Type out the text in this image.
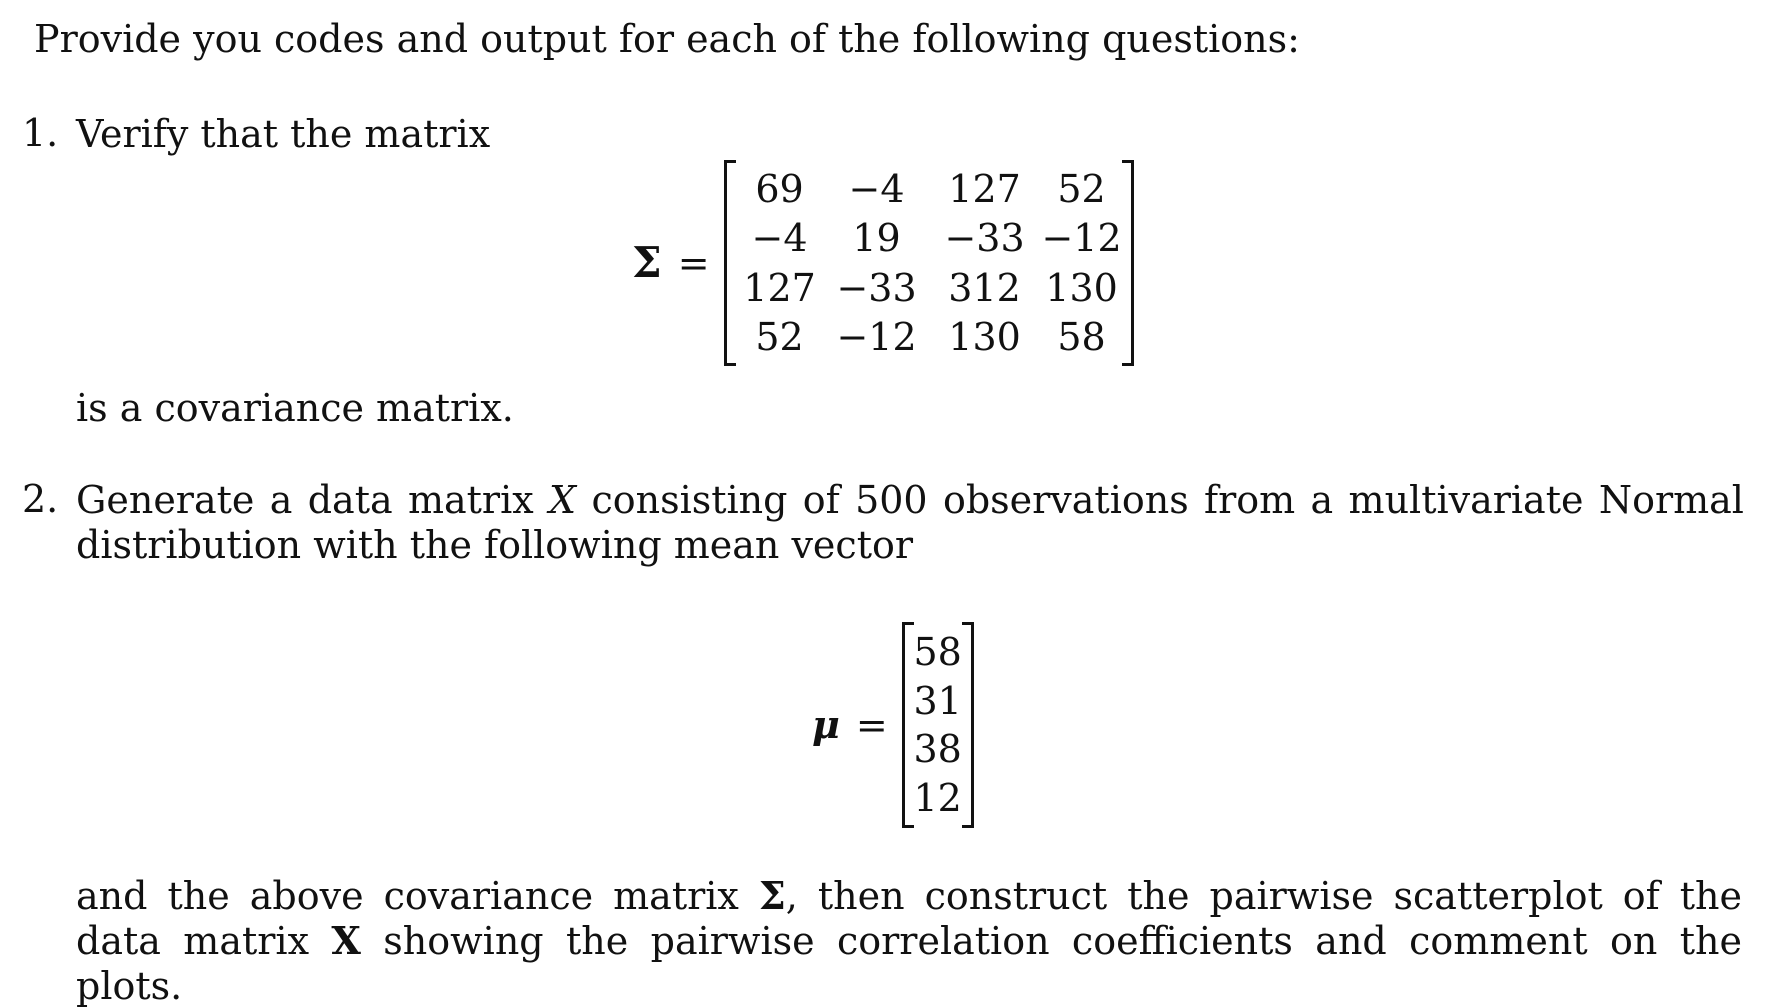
Provide you codes and output for each of the following questions:
1. Verify that the matrix
Σ =
69	−4	127 52
−4	19	−33 −12
127 −33 312 130
52 −12 130 58
is a covariance matrix.
2. Generate a data matrix X consisting of 500 observations from a multivariate Normal distribution with the following mean vector
μ =
58
31
38
12
and the above covariance matrix Σ, then construct the pairwise scatterplot of the data matrix X showing the pairwise correlation coefficients and comment on the plots.
